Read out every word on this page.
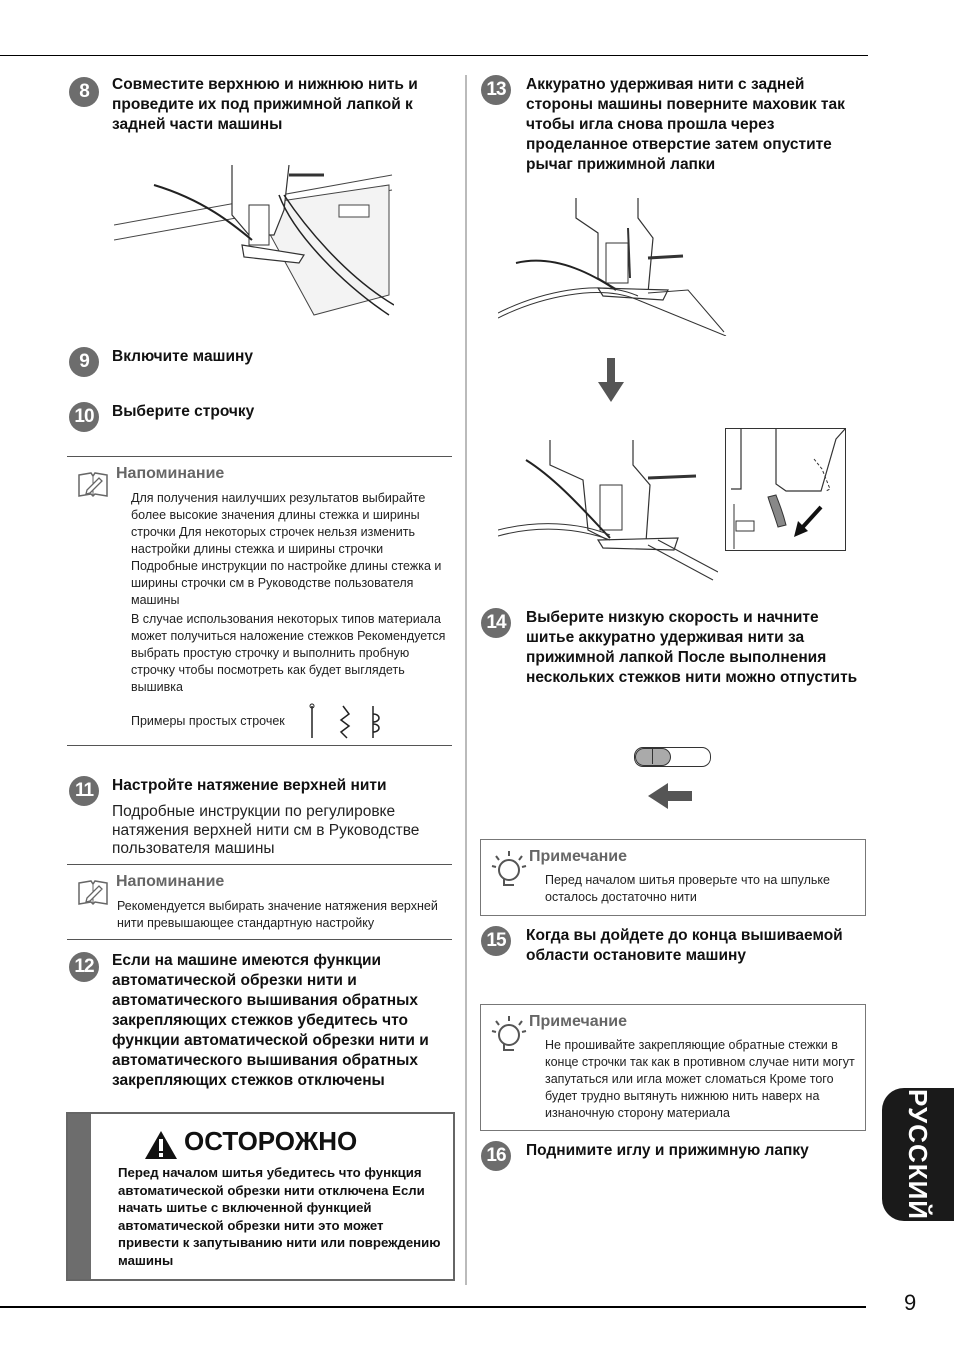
8	Совместите верхнюю и нижнюю нить и проведите их под прижимной лапкой к задней части машины
9	Включите машину
10	Выберите строчку
Напоминание
Для получения наилучших результатов выбирайте более высокие значения длины стежка и ширины строчки Для некоторых строчек нельзя изменить настройки длины стежка и ширины строчки Подробные инструкции по настройке длины стежка и ширины строчки см в Руководстве пользователя машины
В случае использования некоторых типов материала может получиться наложение стежков Рекомендуется выбрать простую строчку и выполнить пробную строчку чтобы посмотреть как будет выглядеть вышивка
Примеры простых строчек
11	Настройте натяжение верхней нити
Подробные инструкции по регулировке натяжения верхней нити см в Руководстве пользователя машины
Напоминание
Рекомендуется выбирать значение натяжения верхней нити превышающее стандартную настройку
12	Если на машине имеются функции автоматической обрезки нити и автоматического вышивания обратных закрепляющих стежков убедитесь что функции автоматической обрезки нити и автоматического вышивания обратных закрепляющих стежков отключены
ОСТОРОЖНО
Перед началом шитья убедитесь что функция автоматической обрезки нити отключена Если начать шитье с включенной функцией автоматической обрезки нити это может привести к запутыванию нити или повреждению машины
13	Аккуратно удерживая нити с задней стороны машины поверните маховик так чтобы игла снова прошла через проделанное отверстие затем опустите рычаг прижимной лапки
14	Выберите низкую скорость и начните шитье аккуратно удерживая нити за прижимной лапкой После выполнения нескольких стежков нити можно отпустить
Примечание
Перед началом шитья проверьте что на шпульке осталось достаточно нити
15	Когда вы дойдете до конца вышиваемой области остановите машину
Примечание
Не прошивайте закрепляющие обратные стежки в конце строчки так как в противном случае нити могут запутаться или игла может сломаться Кроме того будет трудно вытянуть нижнюю нить наверх на изнаночную сторону материала
16	Поднимите иглу и прижимную лапку	РУССКИЙ
9
